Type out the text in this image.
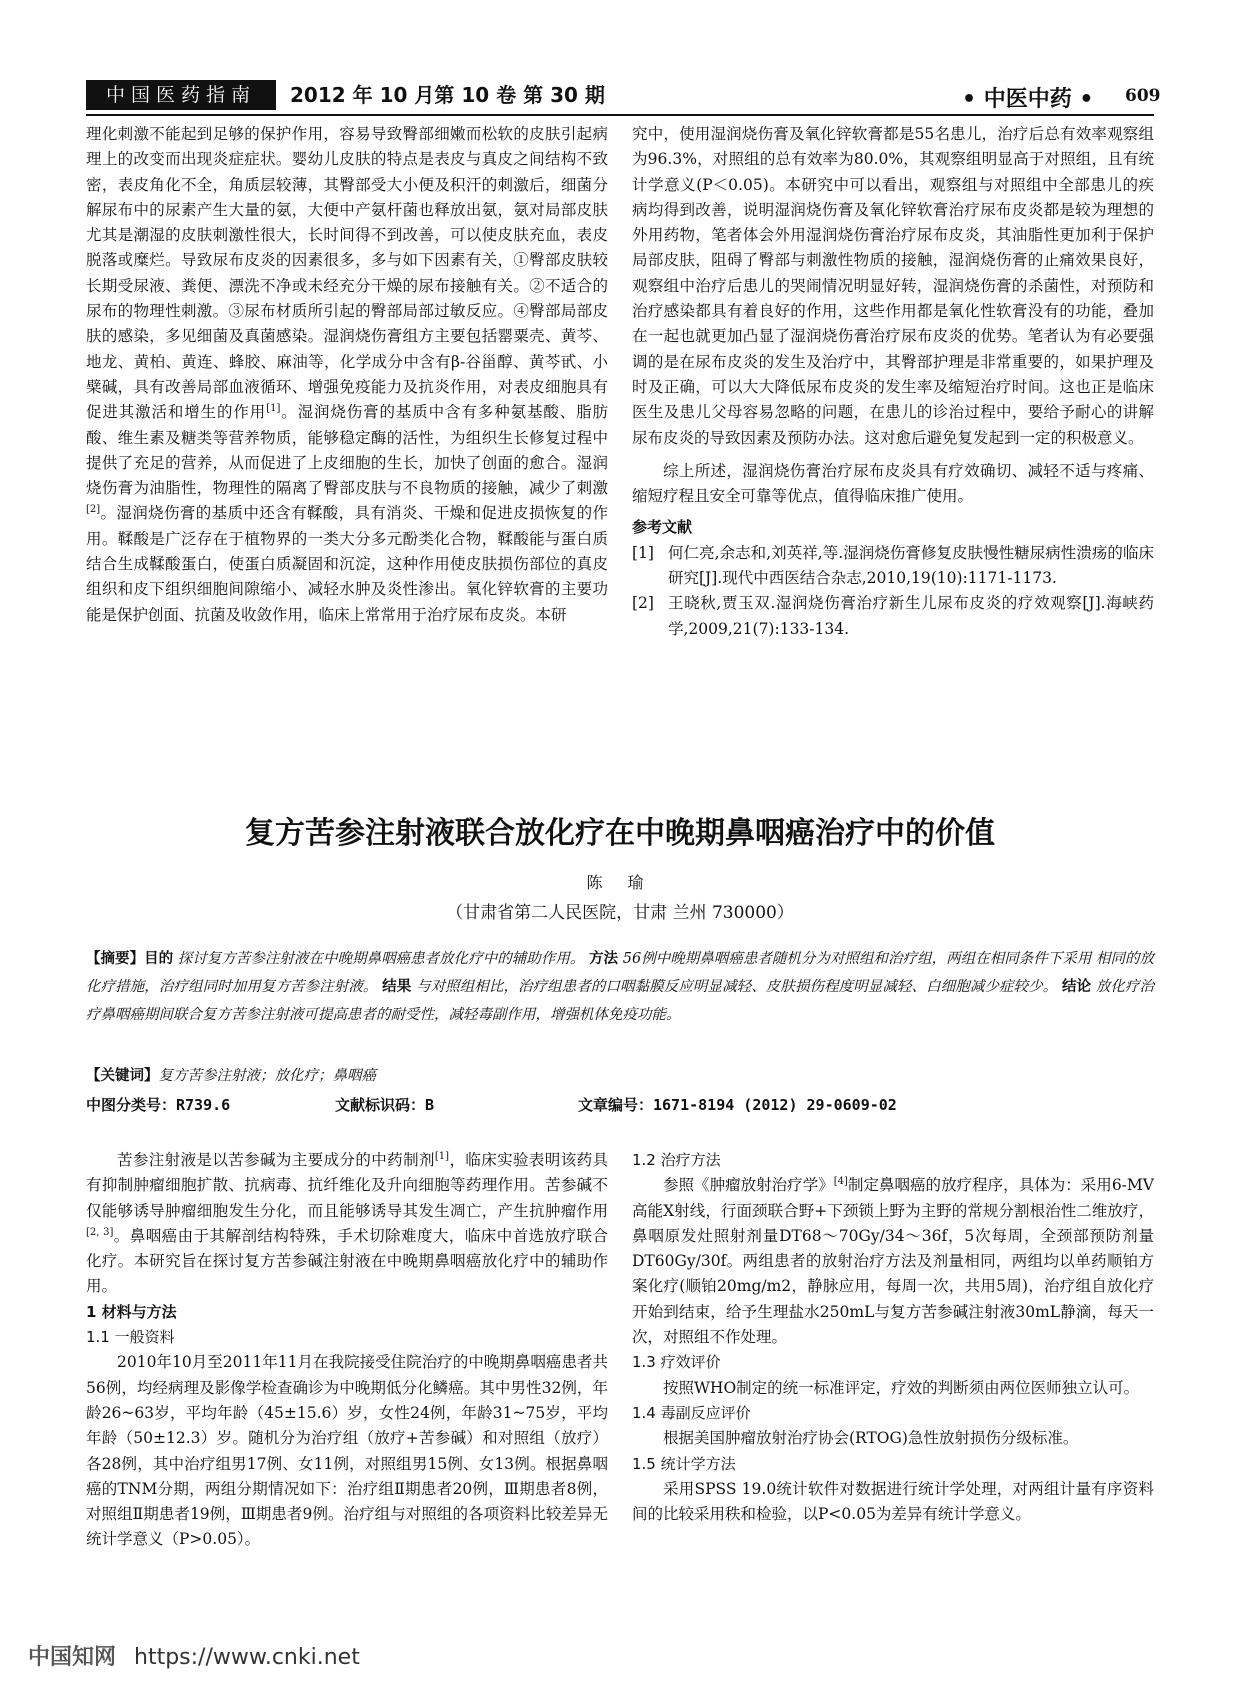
中国医药指南	2012 年 10 月第 10 卷 第 30 期	• 中医中药 • 609

理化刺激不能起到足够的保护作用，容易导致臀部细嫩而松软的皮肤引起病理上的改变而出现炎症症状。婴幼儿皮肤的特点是表皮与真皮之间结构不致密，表皮角化不全，角质层较薄，其臀部受大小便及积汗的刺激后，细菌分解尿布中的尿素产生大量的氨，大便中产氨杆菌也释放出氨，氨对局部皮肤尤其是潮湿的皮肤刺激性很大，长时间得不到改善，可以使皮肤充血，表皮脱落或糜烂。导致尿布皮炎的因素很多，多与如下因素有关，①臀部皮肤较长期受尿液、粪便、漂洗不净或未经充分干燥的尿布接触有关。②不适合的尿布的物理性刺激。③尿布材质所引起的臀部局部过敏反应。④臀部局部皮肤的感染，多见细菌及真菌感染。湿润烧伤膏组方主要包括罂粟壳、黄芩、地龙、黄柏、黄连、蜂胶、麻油等，化学成分中含有β-谷甾醇、黄芩甙、小檗碱，具有改善局部血液循环、增强免疫能力及抗炎作用，对表皮细胞具有促进其激活和增生的作用[1]。湿润烧伤膏的基质中含有多种氨基酸、脂肪酸、维生素及糖类等营养物质，能够稳定酶的活性，为组织生长修复过程中提供了充足的营养，从而促进了上皮细胞的生长，加快了创面的愈合。湿润烧伤膏为油脂性，物理性的隔离了臀部皮肤与不良物质的接触，减少了刺激[2]。湿润烧伤膏的基质中还含有鞣酸，具有消炎、干燥和促进皮损恢复的作用。鞣酸是广泛存在于植物界的一类大分多元酚类化合物，鞣酸能与蛋白质结合生成鞣酸蛋白，使蛋白质凝固和沉淀，这种作用使皮肤损伤部位的真皮组织和皮下组织细胞间隙缩小、减轻水肿及炎性渗出。氧化锌软膏的主要功能是保护创面、抗菌及收敛作用，临床上常常用于治疗尿布皮炎。本研

究中，使用湿润烧伤膏及氧化锌软膏都是55名患儿，治疗后总有效率观察组为96.3%，对照组的总有效率为80.0%，其观察组明显高于对照组，且有统计学意义(P＜0.05)。本研究中可以看出，观察组与对照组中全部患儿的疾病均得到改善，说明湿润烧伤膏及氧化锌软膏治疗尿布皮炎都是较为理想的外用药物，笔者体会外用湿润烧伤膏治疗尿布皮炎，其油脂性更加利于保护局部皮肤，阻碍了臀部与刺激性物质的接触，湿润烧伤膏的止痛效果良好，观察组中治疗后患儿的哭闹情况明显好转，湿润烧伤膏的杀菌性，对预防和治疗感染都具有着良好的作用，这些作用都是氧化性软膏没有的功能，叠加在一起也就更加凸显了湿润烧伤膏治疗尿布皮炎的优势。笔者认为有必要强调的是在尿布皮炎的发生及治疗中，其臀部护理是非常重要的，如果护理及时及正确，可以大大降低尿布皮炎的发生率及缩短治疗时间。这也正是临床医生及患儿父母容易忽略的问题，在患儿的诊治过程中，要给予耐心的讲解尿布皮炎的导致因素及预防办法。这对愈后避免复发起到一定的积极意义。

综上所述，湿润烧伤膏治疗尿布皮炎具有疗效确切、减轻不适与疼痛、缩短疗程且安全可靠等优点，值得临床推广使用。

参考文献

[1] 何仁亮,余志和,刘英祥,等.湿润烧伤膏修复皮肤慢性糖尿病性溃疡的临床研究[J].现代中西医结合杂志,2010,19(10):1171-1173.
[2] 王晓秋,贾玉双.湿润烧伤膏治疗新生儿尿布皮炎的疗效观察[J].海峡药学,2009,21(7):133-134.
复方苦参注射液联合放化疗在中晚期鼻咽癌治疗中的价值
陈 瑜
（甘肃省第二人民医院，甘肃 兰州 730000）
【摘要】目的 探讨复方苦参注射液在中晚期鼻咽癌患者放化疗中的辅助作用。 方法 56例中晚期鼻咽癌患者随机分为对照组和治疗组，两组在相同条件下采用 相同的放化疗措施，治疗组同时加用复方苦参注射液。 结果 与对照组相比，治疗组患者的口咽黏膜反应明显减轻、皮肤损伤程度明显减轻、白细胞减少症较少。 结论 放化疗治疗鼻咽癌期间联合复方苦参注射液可提高患者的耐受性，减轻毒副作用，增强机体免疫功能。
【关键词】复方苦参注射液；放化疗；鼻咽癌
中图分类号：R739.6	文献标识码：B	文章编号：1671-8194 (2012) 29-0609-02

苦参注射液是以苦参碱为主要成分的中药制剂[1]，临床实验表明该药具有抑制肿瘤细胞扩散、抗病毒、抗纤维化及升向细胞等药理作用。苦参碱不仅能够诱导肿瘤细胞发生分化，而且能够诱导其发生凋亡，产生抗肿瘤作用[2, 3]。鼻咽癌由于其解剖结构特殊，手术切除难度大，临床中首选放疗联合化疗。本研究旨在探讨复方苦参碱注射液在中晚期鼻咽癌放化疗中的辅助作用。

1 材料与方法

1.1 一般资料

2010年10月至2011年11月在我院接受住院治疗的中晚期鼻咽癌患者共56例，均经病理及影像学检查确诊为中晚期低分化鳞癌。其中男性32例，年龄26~63岁，平均年龄（45±15.6）岁，女性24例，年龄31~75岁，平均年龄（50±12.3）岁。随机分为治疗组（放疗+苦参碱）和对照组（放疗）各28例，其中治疗组男17例、女11例，对照组男15例、女13例。根据鼻咽癌的TNM分期，两组分期情况如下：治疗组Ⅱ期患者20例，Ⅲ期患者8例，对照组Ⅱ期患者19例，Ⅲ期患者9例。治疗组与对照组的各项资料比较差异无统计学意义（P>0.05）。

1.2 治疗方法

参照《肿瘤放射治疗学》[4]制定鼻咽癌的放疗程序，具体为：采用6-MV高能X射线，行面颈联合野+下颈锁上野为主野的常规分割根治性二维放疗，鼻咽原发灶照射剂量DT68～70Gy/34～36f，5次每周，全颈部预防剂量DT60Gy/30f。两组患者的放射治疗方法及剂量相同，两组均以单药顺铂方案化疗(顺铂20mg/m2，静脉应用，每周一次，共用5周)，治疗组自放化疗开始到结束，给予生理盐水250mL与复方苦参碱注射液30mL静滴，每天一次，对照组不作处理。

1.3 疗效评价

按照WHO制定的统一标准评定，疗效的判断须由两位医师独立认可。

1.4 毒副反应评价

根据美国肿瘤放射治疗协会(RTOG)急性放射损伤分级标准。

1.5 统计学方法

采用SPSS 19.0统计软件对数据进行统计学处理，对两组计量有序资料间的比较采用秩和检验，以P<0.05为差异有统计学意义。

中国知网 https://www.cnki.net
